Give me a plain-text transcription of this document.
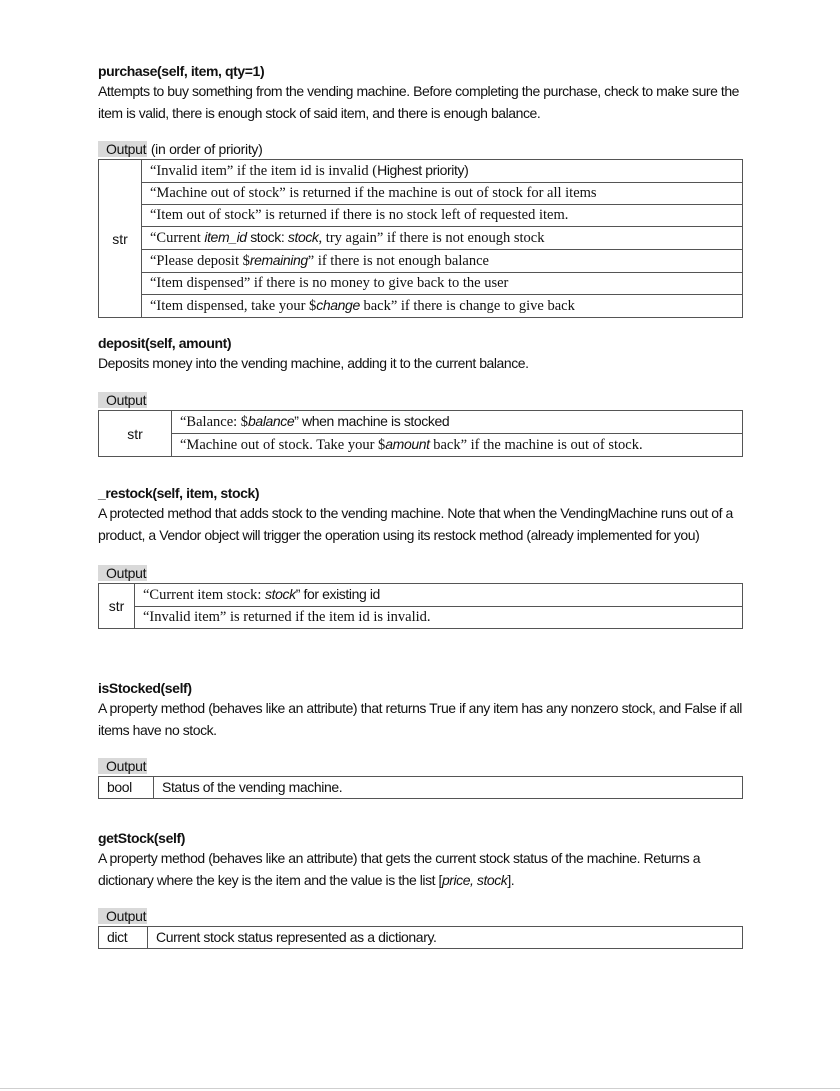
purchase(self, item, qty=1)

Attempts to buy something from the vending machine. Before completing the purchase, check to make sure the item is valid, there is enough stock of said item, and there is enough balance.

Output (in order of priority)
str	“Invalid item” if the item id is invalid (Highest priority)
“Machine out of stock” is returned if the machine is out of stock for all items
“Item out of stock” is returned if there is no stock left of requested item.
“Current item_id stock: stock, try again” if there is not enough stock
“Please deposit $remaining” if there is not enough balance
“Item dispensed” if there is no money to give back to the user
“Item dispensed, take your $change back” if there is change to give back

deposit(self, amount)

Deposits money into the vending machine, adding it to the current balance.

Output
str	“Balance: $balance” when machine is stocked
“Machine out of stock. Take your $amount back” if the machine is out of stock.

_restock(self, item, stock)

A protected method that adds stock to the vending machine. Note that when the VendingMachine runs out of a product, a Vendor object will trigger the operation using its restock method (already implemented for you)

Output
str	“Current item stock: stock” for existing id
“Invalid item” is returned if the item id is invalid.

isStocked(self)

A property method (behaves like an attribute) that returns True if any item has any nonzero stock, and False if all items have no stock.

Output
bool	Status of the vending machine.

getStock(self)

A property method (behaves like an attribute) that gets the current stock status of the machine. Returns a dictionary where the key is the item and the value is the list [price, stock].

Output
dict	Current stock status represented as a dictionary.
